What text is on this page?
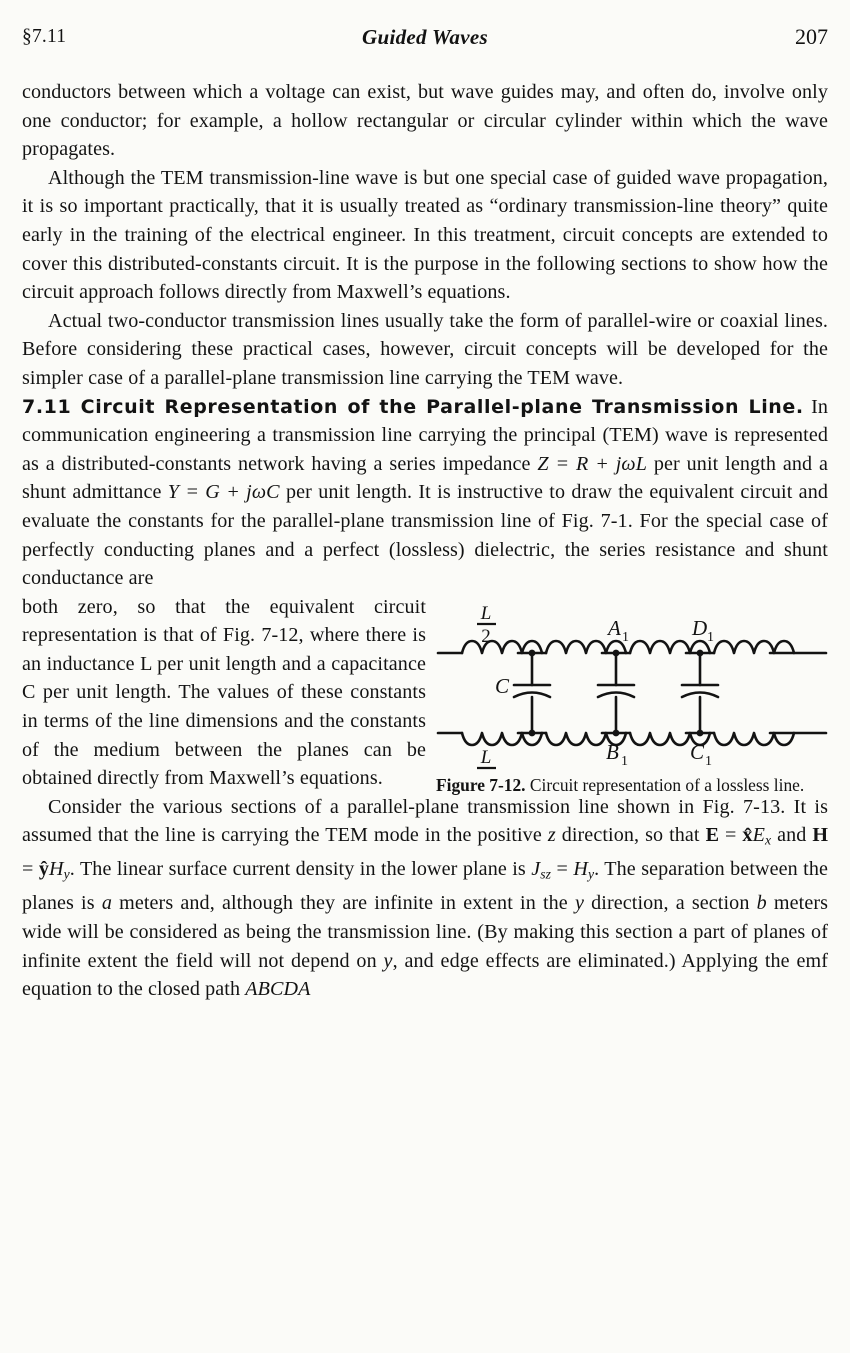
§7.11	Guided Waves	207

conductors between which a voltage can exist, but wave guides may, and often do, involve only one conductor; for example, a hollow rectangular or circular cylinder within which the wave propagates.

Although the TEM transmission-line wave is but one special case of guided wave propagation, it is so important practically, that it is usually treated as “ordinary transmission-line theory” quite early in the training of the electrical engineer. In this treatment, circuit concepts are extended to cover this distributed-constants circuit. It is the purpose in the following sections to show how the circuit approach follows directly from Maxwell’s equations.

Actual two-conductor transmission lines usually take the form of parallel-wire or coaxial lines. Before considering these practical cases, however, circuit concepts will be developed for the simpler case of a parallel-plane transmission line carrying the TEM wave.

7.11 Circuit Representation of the Parallel-plane Transmission Line. In communication engineering a transmission line carrying the principal (TEM) wave is represented as a distributed-constants network having a series impedance Z = R + jωL per unit length and a shunt admittance Y = G + jωC per unit length. It is instructive to draw the equivalent circuit and evaluate the constants for the parallel-plane transmission line of Fig. 7-1. For the special case of perfectly conducting planes and a perfect (lossless) dielectric, the series resistance and shunt conductance are

both zero, so that the equivalent circuit representation is that of Fig. 7-12, where there is an inductance L per unit length and a capacitance C per unit length. The values of these constants in terms of the line dimensions and the constants of the medium between the planes can be obtained directly from Maxwell’s equations.

L
2
L
C
A 1	D 1
B 1	C 1
Figure 7-12. Circuit representation of a lossless line.

Consider the various sections of a parallel-plane transmission line shown in Fig. 7-13. It is assumed that the line is carrying the TEM mode in the positive z direction, so that $E = x̂E_x$ and $H = ŷH_y$. The linear surface current density in the lower plane is $J_{sz} = H_y$. The separation between the planes is a meters and, although they are infinite in extent in the y direction, a section b meters wide will be considered as being the transmission line. (By making this section a part of planes of infinite extent the field will not depend on y, and edge effects are eliminated.) Applying the emf equation to the closed path ABCDA
